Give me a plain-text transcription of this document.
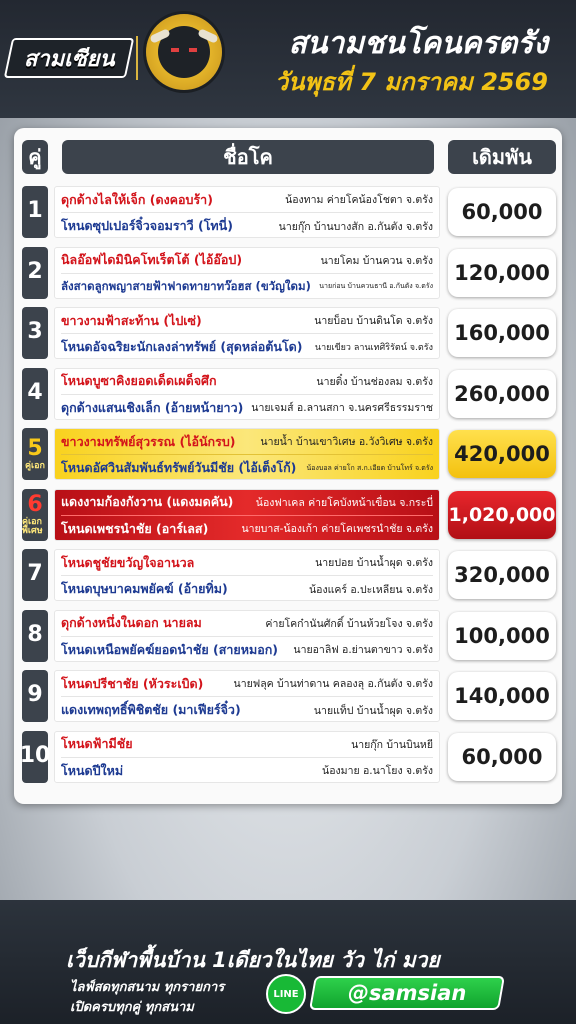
สามเซียน	สนามชนโคนครตรัง
วันพุธที่ 7 มกราคม 2569
คู่	ชื่อโค	เดิมพัน
1 ดุกด้างไลให้เจ็ก (ดงคอบร้า)	น้องทาม ค่ายโคน้องโชตา จ.ตรัง
โหนดซุปเปอร์จิ๋วจอมราวี (โทนี่)	นายกุ๊ก บ้านบางสัก อ.กันตัง จ.ตรัง
60,000
2 นิลอ๊อฟไดมินิคโทเร็ตโต้ (ไอ้อ๊อป)	นายโคม บ้านควน จ.ตรัง
ลังสาดลูกพญาสายฟ้าฟาดทายาทว๊อฮส (ขวัญใดม) นายก่อน บ้านควนธานี อ.กันตัง จ.ตรัง
120,000
3 ขาวงามฟ้าสะท้าน (ไปเซ่)	นายบ็อบ บ้านดินโด จ.ตรัง
โหนดอัจฉริยะนักเลงล่าทรัพย์ (สุดหล่อต้นโด) นายเขียว ลานเทศิริรัตน์ จ.ตรัง
160,000
4 โหนดบูซาคิงยอดเด็ดเผด็จศึก	นายติ๋ง บ้านช่องลม จ.ตรัง
ดุกด้างแสนเชิงเล็ก (อ้ายหน้ายาว) นายเจมส์ อ.ลานสกา จ.นครศรีธรรมราช
260,000
5
คู่เอก
ขาวงามทรัพย์สุวรรณ (ไอ้นักรบ) นายน้ำ บ้านเขาวิเศษ อ.วังวิเศษ จ.ตรัง
โหนดอัศวินสัมพันธ์ทรัพย์วันมีชัย (ไอ้เต็งโก้) น้องบอล ค่ายโก ส.ก.เอียด บ้านโทร์ จ.ตรัง
420,000
6
คู่เอกพิเศษ
แดงงามก้องกังวาน (แดงมดคัน) น้องฟาเคล ค่ายโคบังหน้าเขื่อน จ.กระบี่
โหนดเพชรนำชัย (อาร์เลส)	นายบาส-น้องเก้า ค่ายโคเพชรนำชัย จ.ตรัง
1,020,000
7 โหนดชูชัยขวัญใจอานวล	นายปอย บ้านน้ำผุด จ.ตรัง
โหนดบุษบาคมพยัคฆ์ (อ้ายทิ่ม)	น้องแคร์ อ.ปะเหลียน จ.ตรัง
320,000
8 ดุกด้างหนึ่งในดอก นายลม	ค่ายโคก๋านันศักดิ์ บ้านห้วยโจง จ.ตรัง
โหนดเหนือพยัคฆ์ยอดนำชัย (สายหมอก) นายอาลิฟ อ.ย่านตาขาว จ.ตรัง
100,000
9 โหนดปรีชาชัย (หัวระเบิด)	นายฟลุค บ้านท่าดาน คลองลุ อ.กันตัง จ.ตรัง
แดงเทพฤทธิ์พิชิตชัย (มาเฟียร์จิ๋ว)	นายแท็ป บ้านน้ำผุด จ.ตรัง
140,000
10 โหนดฟ้ามีชัย	นายกุ๊ก บ้านบินหยี
โหนดปีใหม่	น้องมาย อ.นาโยง จ.ตรัง
60,000
เว็บกีฬาพื้นบ้าน 1เดียวในไทย วัว ไก่ มวย
ไลฟ์สดทุกสนาม ทุกรายการ
เปิดครบทุกคู่ ทุกสนาม
LINE	@samsian
